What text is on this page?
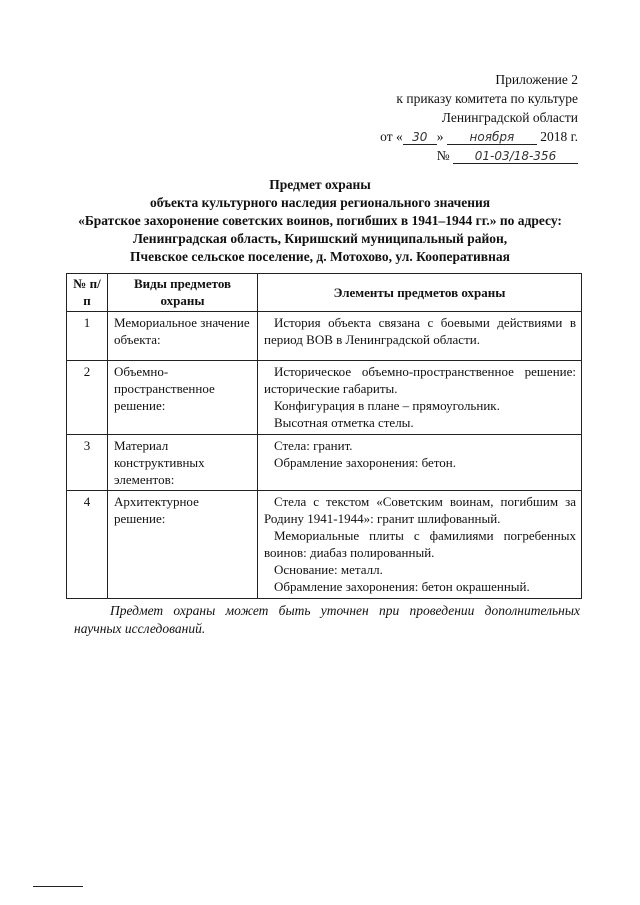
Приложение 2
к приказу комитета по культуре
Ленинградской области
от « 30 » ноября 2018 г.
№ 01-03/18-356
Предмет охраны
объекта культурного наследия регионального значения
«Братское захоронение советских воинов, погибших в 1941–1944 гг.» по адресу:
Ленинградская область, Киришский муниципальный район,
Пчевское сельское поселение, д. Мотохово, ул. Кооперативная
№ п/п	Виды предметов охраны	Элементы предметов охраны
1	Мемориальное значение объекта:	История объекта связана с боевыми действиями в период ВОВ в Ленинградской области.

2	Объемно-пространственное решение:	Историческое объемно-пространственное решение: исторические габариты.

Конфигурация в плане – прямоугольник.

Высотная отметка стелы.

3	Материал конструктивных элементов:	Стела: гранит.

Обрамление захоронения: бетон.

4	Архитектурное решение:	Стела с текстом «Советским воинам, погибшим за Родину 1941-1944»: гранит шлифованный.

Мемориальные плиты с фамилиями погребенных воинов: диабаз полированный.

Основание: металл.

Обрамление захоронения: бетон окрашенный.

Предмет охраны может быть уточнен при проведении дополнительных научных исследований.
